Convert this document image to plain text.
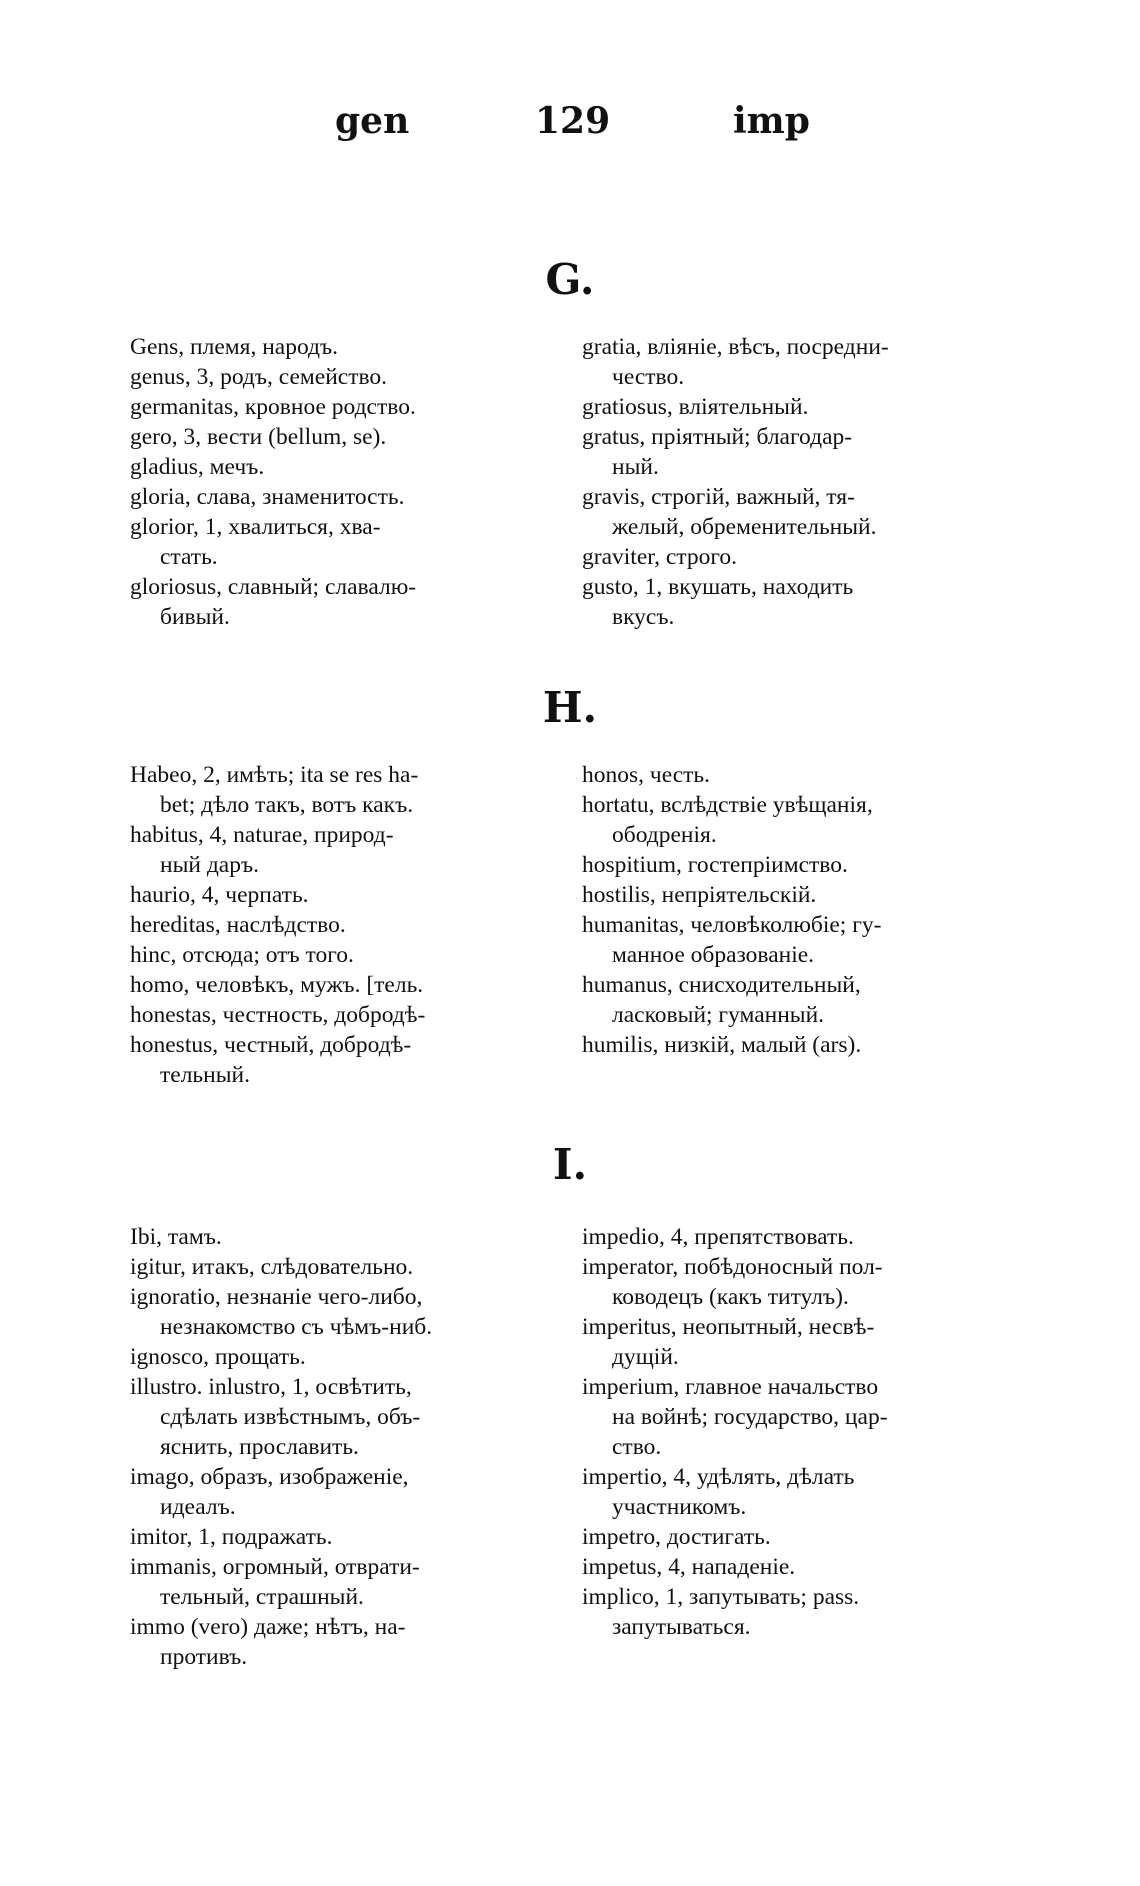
gen	129	imp
G.
Gens, племя, народъ.
genus, 3, родъ, семейство.
germanitas, кровное родство.
gero, 3, вести (bellum, se).
gladius, мечъ.
gloria, слава, знаменитость.
glorior, 1, хвалиться, хва-
стать.
gloriosus, славный; славалю-
бивый.
gratia, влiянiе, вѣсъ, посредни-
чество.
gratiosus, влiятельный.
gratus, прiятный; благодар-
ный.
gravis, строгiй, важный, тя-
желый, обременительный.
graviter, строго.
gusto, 1, вкушать, находить
вкусъ.
H.
Habeo, 2, имѣть; ita se res ha-
bet; дѣло такъ, вотъ какъ.
habitus, 4, naturae, природ-
ный даръ.
haurio, 4, черпать.
hereditas, наслѣдство.
hinc, отсюда; отъ того.
homo, человѣкъ, мужъ. [тель.
honestas, честность, добродѣ-
honestus, честный, добродѣ-
тельный.
honos, честь.
hortatu, вслѣдствiе увѣщанiя,
ободренiя.
hospitium, гостепрiимство.
hostilis, непрiятельскiй.
humanitas, человѣколюбiе; гу-
манное образованiе.
humanus, снисходительный,
ласковый; гуманный.
humilis, низкiй, малый (ars).
I.
Ibi, тамъ.
igitur, итакъ, слѣдовательно.
ignoratio, незнанiе чего-либо,
незнакомство съ чѣмъ-ниб.
ignosco, прощать.
illustro. inlustro, 1, освѣтить,
сдѣлать извѣстнымъ, объ-
яснить, прославить.
imago, образъ, изображенiе,
идеалъ.
imitor, 1, подражать.
immanis, огромный, отврати-
тельный, страшный.
immo (vero) даже; нѣтъ, на-
противъ.
impedio, 4, препятствовать.
imperator, побѣдоносный пол-
ководецъ (какъ титулъ).
imperitus, неопытный, несвѣ-
дущiй.
imperium, главное начальство
на войнѣ; государство, цар-
ство.
impertio, 4, удѣлять, дѣлать
участникомъ.
impetro, достигать.
impetus, 4, нападенiе.
implico, 1, запутывать; pass.
запутываться.
